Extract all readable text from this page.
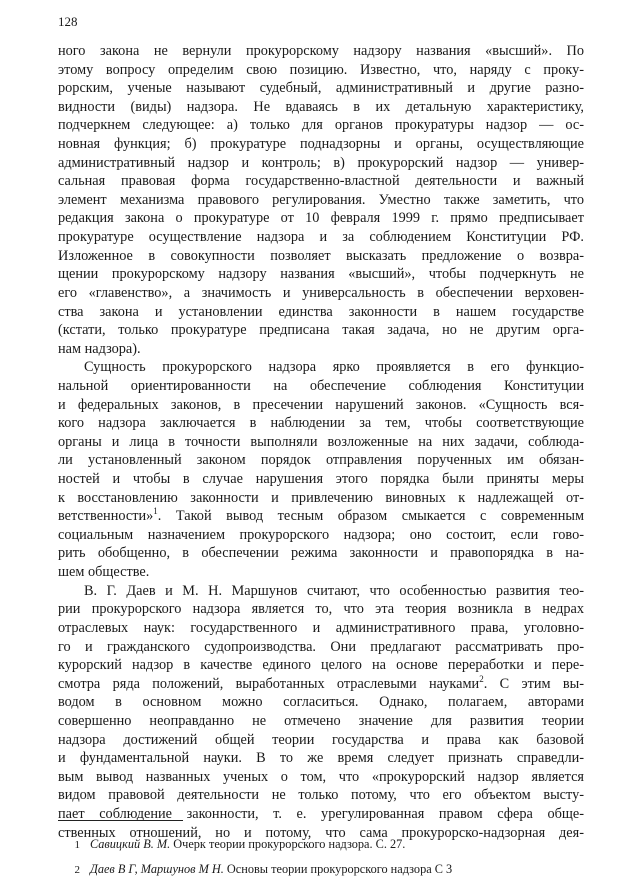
128
ного закона не вернули прокурорскому надзору названия «высший». По
этому вопросу определим свою позицию. Известно, что, наряду с проку-
рорским, ученые называют судебный, административный и другие разно-
видности (виды) надзора. Не вдаваясь в их детальную характеристику,
подчеркнем следующее: а) только для органов прокуратуры надзор — ос-
новная функция; б) прокуратуре поднадзорны и органы, осуществляющие
административный надзор и контроль; в) прокурорский надзор — универ-
сальная правовая форма государственно-властной деятельности и важный
элемент механизма правового регулирования. Уместно также заметить, что
редакция закона о прокуратуре от 10 февраля 1999 г. прямо предписывает
прокуратуре осуществление надзора и за соблюдением Конституции РФ.
Изложенное в совокупности позволяет высказать предложение о возвра-
щении прокурорскому надзору названия «высший», чтобы подчеркнуть не
его «главенство», а значимость и универсальность в обеспечении верховен-
ства закона и установлении единства законности в нашем государстве
(кстати, только прокуратуре предписана такая задача, но не другим орга-
нам надзора).
Сущность прокурорского надзора ярко проявляется в его функцио-
нальной ориентированности на обеспечение соблюдения Конституции
и федеральных законов, в пресечении нарушений законов. «Сущность вся-
кого надзора заключается в наблюдении за тем, чтобы соответствующие
органы и лица в точности выполняли возложенные на них задачи, соблюда-
ли установленный законом порядок отправления порученных им обязан-
ностей и чтобы в случае нарушения этого порядка были приняты меры
к восстановлению законности и привлечению виновных к надлежащей от-
ветственности»$^1$. Такой вывод тесным образом смыкается с современным
социальным назначением прокурорского надзора; оно состоит, если гово-
рить обобщенно, в обеспечении режима законности и правопорядка в на-
шем обществе.
В. Г. Даев и М. Н. Маршунов считают, что особенностью развития тео-
рии прокурорского надзора является то, что эта теория возникла в недрах
отраслевых наук: государственного и административного права, уголовно-
го и гражданского судопроизводства. Они предлагают рассматривать про-
курорский надзор в качестве единого целого на основе переработки и пере-
смотра ряда положений, выработанных отраслевыми науками$^2$. С этим вы-
водом в основном можно согласиться. Однако, полагаем, авторами
совершенно неоправданно не отмечено значение для развития теории
надзора достижений общей теории государства и права как базовой
и фундаментальной науки. В то же время следует признать справедли-
вым вывод названных ученых о том, что «прокурорский надзор является
видом правовой деятельности не только потому, что его объектом высту-
пает соблюдение законности, т. е. урегулированная правом сфера обще-
ственных отношений, но и потому, что сама прокурорско-надзорная дея-
1 Савицкий В. М. Очерк теории прокурорского надзора. С. 27.
2 Даев В Г, Маршунов М Н. Основы теории прокурорского надзора С 3
